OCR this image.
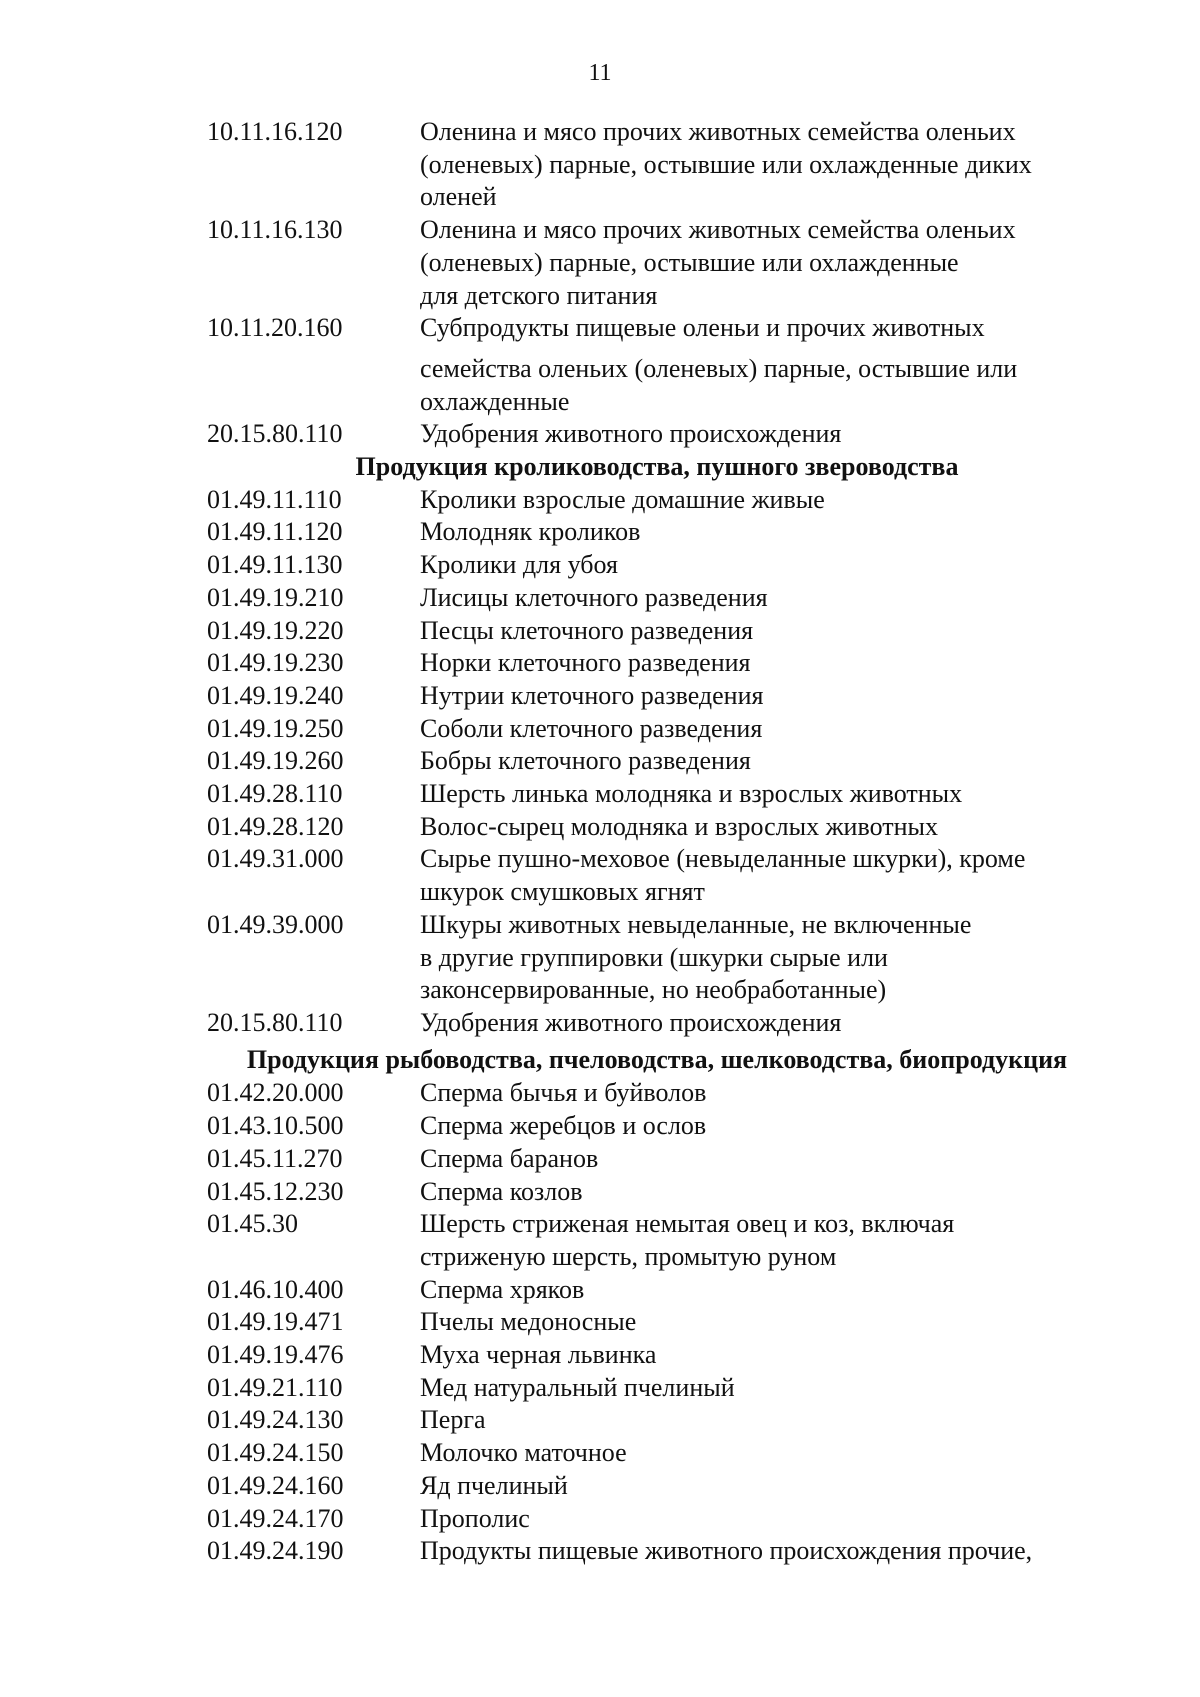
11
10.11.16.120	Оленина и мясо прочих животных семейства оленьих
(оленевых) парные, остывшие или охлажденные диких
оленей
10.11.16.130	Оленина и мясо прочих животных семейства оленьих
(оленевых) парные, остывшие или охлажденные
для детского питания
10.11.20.160	Субпродукты пищевые оленьи и прочих животных
семейства оленьих (оленевых) парные, остывшие или
охлажденные
20.15.80.110	Удобрения животного происхождения
Продукция кролиководства, пушного звероводства
01.49.11.110	Кролики взрослые домашние живые
01.49.11.120	Молодняк кроликов
01.49.11.130	Кролики для убоя
01.49.19.210	Лисицы клеточного разведения
01.49.19.220	Песцы клеточного разведения
01.49.19.230	Норки клеточного разведения
01.49.19.240	Нутрии клеточного разведения
01.49.19.250	Соболи клеточного разведения
01.49.19.260	Бобры клеточного разведения
01.49.28.110	Шерсть линька молодняка и взрослых животных
01.49.28.120	Волос-сырец молодняка и взрослых животных
01.49.31.000	Сырье пушно-меховое (невыделанные шкурки), кроме
шкурок смушковых ягнят
01.49.39.000	Шкуры животных невыделанные, не включенные
в другие группировки (шкурки сырые или
законсервированные, но необработанные)
20.15.80.110	Удобрения животного происхождения
Продукция рыбоводства, пчеловодства, шелководства, биопродукция
01.42.20.000	Сперма бычья и буйволов
01.43.10.500	Сперма жеребцов и ослов
01.45.11.270	Сперма баранов
01.45.12.230	Сперма козлов
01.45.30	Шерсть стриженая немытая овец и коз, включая
стриженую шерсть, промытую руном
01.46.10.400	Сперма хряков
01.49.19.471	Пчелы медоносные
01.49.19.476	Муха черная львинка
01.49.21.110	Мед натуральный пчелиный
01.49.24.130	Перга
01.49.24.150	Молочко маточное
01.49.24.160	Яд пчелиный
01.49.24.170	Прополис
01.49.24.190	Продукты пищевые животного происхождения прочие,
